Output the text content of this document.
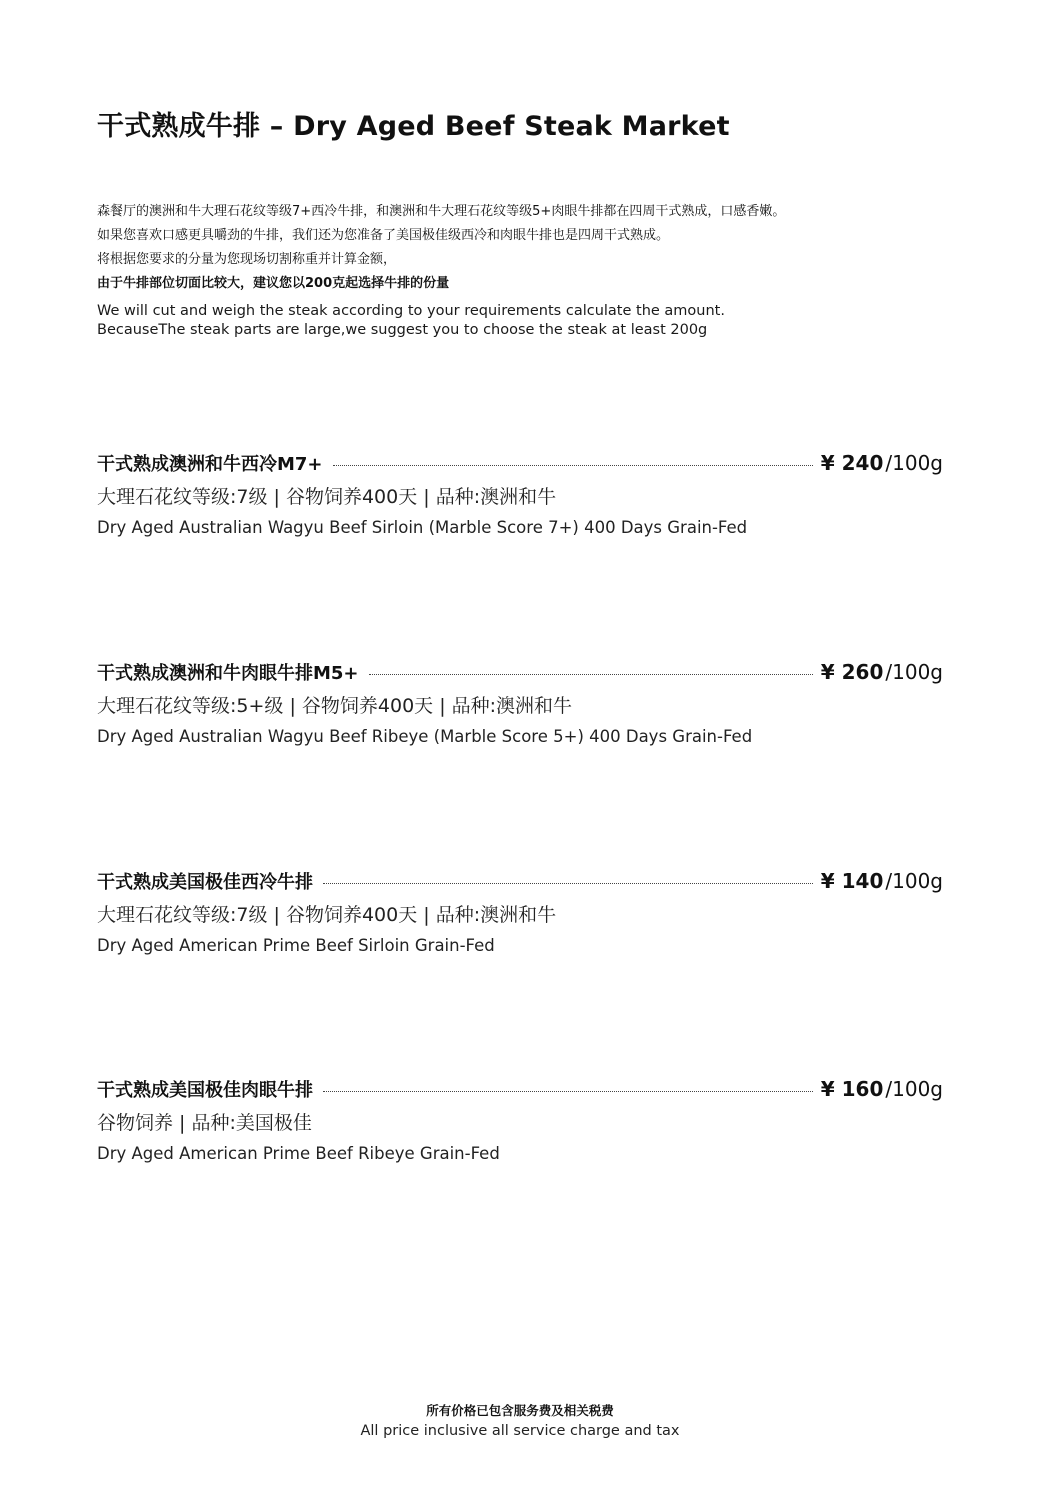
干式熟成牛排 – Dry Aged Beef Steak Market
森餐厅的澳洲和牛大理石花纹等级7+西冷牛排，和澳洲和牛大理石花纹等级5+肉眼牛排都在四周干式熟成，口感香嫩。
如果您喜欢口感更具嚼劲的牛排，我们还为您准备了美国极佳级西冷和肉眼牛排也是四周干式熟成。
将根据您要求的分量为您现场切割称重并计算金额，
由于牛排部位切面比较大，建议您以200克起选择牛排的份量
We will cut and weigh the steak according to your requirements calculate the amount.
BecauseThe steak parts are large,we suggest you to choose the steak at least 200g
干式熟成澳洲和牛西冷M7+	¥ 240 /100g
大理石花纹等级:7级 | 谷物饲养400天 | 品种:澳洲和牛
Dry Aged Australian Wagyu Beef Sirloin (Marble Score 7+) 400 Days Grain-Fed
干式熟成澳洲和牛肉眼牛排M5+	¥ 260 /100g
大理石花纹等级:5+级 | 谷物饲养400天 | 品种:澳洲和牛
Dry Aged Australian Wagyu Beef Ribeye (Marble Score 5+) 400 Days Grain-Fed
干式熟成美国极佳西冷牛排	¥ 140 /100g
大理石花纹等级:7级 | 谷物饲养400天 | 品种:澳洲和牛
Dry Aged American Prime Beef Sirloin Grain-Fed
干式熟成美国极佳肉眼牛排	¥ 160 /100g
谷物饲养 | 品种:美国极佳
Dry Aged American Prime Beef Ribeye Grain-Fed
所有价格已包含服务费及相关税费
All price inclusive all service charge and tax
